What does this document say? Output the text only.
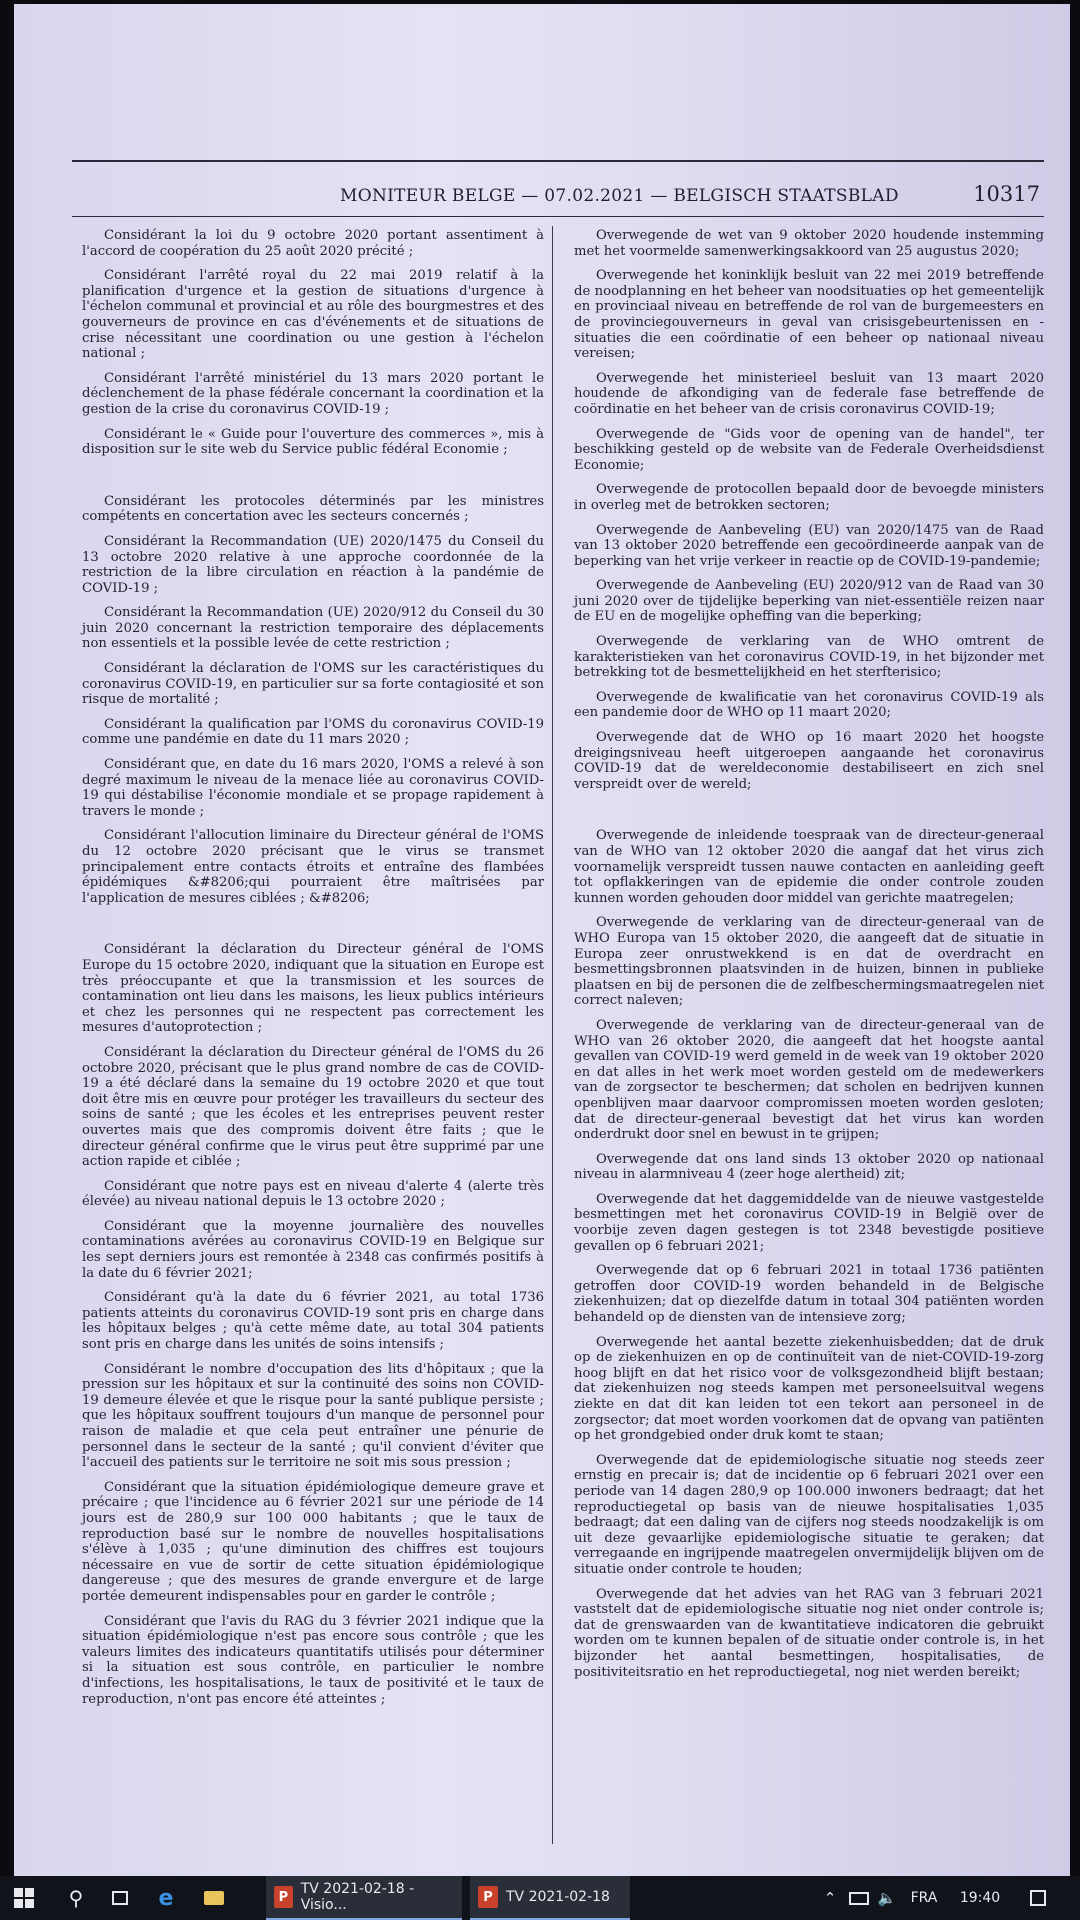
MONITEUR BELGE — 07.02.2021 — BELGISCH STAATSBLAD	10317

Considérant la loi du 9 octobre 2020 portant assentiment à l'accord de coopération du 25 août 2020 précité ;

Considérant l'arrêté royal du 22 mai 2019 relatif à la planification d'urgence et la gestion de situations d'urgence à l'échelon communal et provincial et au rôle des bourgmestres et des gouverneurs de province en cas d'événements et de situations de crise nécessitant une coordination ou une gestion à l'échelon national ;

Considérant l'arrêté ministériel du 13 mars 2020 portant le déclenchement de la phase fédérale concernant la coordination et la gestion de la crise du coronavirus COVID-19 ;

Considérant le « Guide pour l'ouverture des commerces », mis à disposition sur le site web du Service public fédéral Economie ;

Considérant les protocoles déterminés par les ministres compétents en concertation avec les secteurs concernés ;

Considérant la Recommandation (UE) 2020/1475 du Conseil du 13 octobre 2020 relative à une approche coordonnée de la restriction de la libre circulation en réaction à la pandémie de COVID-19 ;

Considérant la Recommandation (UE) 2020/912 du Conseil du 30 juin 2020 concernant la restriction temporaire des déplacements non essentiels et la possible levée de cette restriction ;

Considérant la déclaration de l'OMS sur les caractéristiques du coronavirus COVID-19, en particulier sur sa forte contagiosité et son risque de mortalité ;

Considérant la qualification par l'OMS du coronavirus COVID-19 comme une pandémie en date du 11 mars 2020 ;

Considérant que, en date du 16 mars 2020, l'OMS a relevé à son degré maximum le niveau de la menace liée au coronavirus COVID-19 qui déstabilise l'économie mondiale et se propage rapidement à travers le monde ;

Considérant l'allocution liminaire du Directeur général de l'OMS du 12 octobre 2020 précisant que le virus se transmet principalement entre contacts étroits et entraîne des flambées épidémiques &#8206;qui pourraient être maîtrisées par l'application de mesures ciblées ; &#8206;

Considérant la déclaration du Directeur général de l'OMS Europe du 15 octobre 2020, indiquant que la situation en Europe est très préoccupante et que la transmission et les sources de contamination ont lieu dans les maisons, les lieux publics intérieurs et chez les personnes qui ne respectent pas correctement les mesures d'autoprotection ;

Considérant la déclaration du Directeur général de l'OMS du 26 octobre 2020, précisant que le plus grand nombre de cas de COVID-19 a été déclaré dans la semaine du 19 octobre 2020 et que tout doit être mis en œuvre pour protéger les travailleurs du secteur des soins de santé ; que les écoles et les entreprises peuvent rester ouvertes mais que des compromis doivent être faits ; que le directeur général confirme que le virus peut être supprimé par une action rapide et ciblée ;

Considérant que notre pays est en niveau d'alerte 4 (alerte très élevée) au niveau national depuis le 13 octobre 2020 ;

Considérant que la moyenne journalière des nouvelles contaminations avérées au coronavirus COVID-19 en Belgique sur les sept derniers jours est remontée à 2348 cas confirmés positifs à la date du 6 février 2021;

Considérant qu'à la date du 6 février 2021, au total 1736 patients atteints du coronavirus COVID-19 sont pris en charge dans les hôpitaux belges ; qu'à cette même date, au total 304 patients sont pris en charge dans les unités de soins intensifs ;

Considérant le nombre d'occupation des lits d'hôpitaux ; que la pression sur les hôpitaux et sur la continuité des soins non COVID-19 demeure élevée et que le risque pour la santé publique persiste ; que les hôpitaux souffrent toujours d'un manque de personnel pour raison de maladie et que cela peut entraîner une pénurie de personnel dans le secteur de la santé ; qu'il convient d'éviter que l'accueil des patients sur le territoire ne soit mis sous pression ;

Considérant que la situation épidémiologique demeure grave et précaire ; que l'incidence au 6 février 2021 sur une période de 14 jours est de 280,9 sur 100 000 habitants ; que le taux de reproduction basé sur le nombre de nouvelles hospitalisations s'élève à 1,035 ; qu'une diminution des chiffres est toujours nécessaire en vue de sortir de cette situation épidémiologique dangereuse ; que des mesures de grande envergure et de large portée demeurent indispensables pour en garder le contrôle ;

Considérant que l'avis du RAG du 3 février 2021 indique que la situation épidémiologique n'est pas encore sous contrôle ; que les valeurs limites des indicateurs quantitatifs utilisés pour déterminer si la situation est sous contrôle, en particulier le nombre d'infections, les hospitalisations, le taux de positivité et le taux de reproduction, n'ont pas encore été atteintes ;

Overwegende de wet van 9 oktober 2020 houdende instemming met het voormelde samenwerkingsakkoord van 25 augustus 2020;

Overwegende het koninklijk besluit van 22 mei 2019 betreffende de noodplanning en het beheer van noodsituaties op het gemeentelijk en provinciaal niveau en betreffende de rol van de burgemeesters en de provinciegouverneurs in geval van crisisgebeurtenissen en -situaties die een coördinatie of een beheer op nationaal niveau vereisen;

Overwegende het ministerieel besluit van 13 maart 2020 houdende de afkondiging van de federale fase betreffende de coördinatie en het beheer van de crisis coronavirus COVID-19;

Overwegende de "Gids voor de opening van de handel", ter beschikking gesteld op de website van de Federale Overheidsdienst Economie;

Overwegende de protocollen bepaald door de bevoegde ministers in overleg met de betrokken sectoren;

Overwegende de Aanbeveling (EU) van 2020/1475 van de Raad van 13 oktober 2020 betreffende een gecoördineerde aanpak van de beperking van het vrije verkeer in reactie op de COVID-19-pandemie;

Overwegende de Aanbeveling (EU) 2020/912 van de Raad van 30 juni 2020 over de tijdelijke beperking van niet-essentiële reizen naar de EU en de mogelijke opheffing van die beperking;

Overwegende de verklaring van de WHO omtrent de karakteristieken van het coronavirus COVID-19, in het bijzonder met betrekking tot de besmettelijkheid en het sterfterisico;

Overwegende de kwalificatie van het coronavirus COVID-19 als een pandemie door de WHO op 11 maart 2020;

Overwegende dat de WHO op 16 maart 2020 het hoogste dreigingsniveau heeft uitgeroepen aangaande het coronavirus COVID-19 dat de wereldeconomie destabiliseert en zich snel verspreidt over de wereld;

Overwegende de inleidende toespraak van de directeur-generaal van de WHO van 12 oktober 2020 die aangaf dat het virus zich voornamelijk verspreidt tussen nauwe contacten en aanleiding geeft tot opflakkeringen van de epidemie die onder controle zouden kunnen worden gehouden door middel van gerichte maatregelen;

Overwegende de verklaring van de directeur-generaal van de WHO Europa van 15 oktober 2020, die aangeeft dat de situatie in Europa zeer onrustwekkend is en dat de overdracht en besmettingsbronnen plaatsvinden in de huizen, binnen in publieke plaatsen en bij de personen die de zelfbeschermingsmaatregelen niet correct naleven;

Overwegende de verklaring van de directeur-generaal van de WHO van 26 oktober 2020, die aangeeft dat het hoogste aantal gevallen van COVID-19 werd gemeld in de week van 19 oktober 2020 en dat alles in het werk moet worden gesteld om de medewerkers van de zorgsector te beschermen; dat scholen en bedrijven kunnen openblijven maar daarvoor compromissen moeten worden gesloten; dat de directeur-generaal bevestigt dat het virus kan worden onderdrukt door snel en bewust in te grijpen;

Overwegende dat ons land sinds 13 oktober 2020 op nationaal niveau in alarmniveau 4 (zeer hoge alertheid) zit;

Overwegende dat het daggemiddelde van de nieuwe vastgestelde besmettingen met het coronavirus COVID-19 in België over de voorbije zeven dagen gestegen is tot 2348 bevestigde positieve gevallen op 6 februari 2021;

Overwegende dat op 6 februari 2021 in totaal 1736 patiënten getroffen door COVID-19 worden behandeld in de Belgische ziekenhuizen; dat op diezelfde datum in totaal 304 patiënten worden behandeld op de diensten van de intensieve zorg;

Overwegende het aantal bezette ziekenhuisbedden; dat de druk op de ziekenhuizen en op de continuïteit van de niet-COVID-19-zorg hoog blijft en dat het risico voor de volksgezondheid blijft bestaan; dat ziekenhuizen nog steeds kampen met personeelsuitval wegens ziekte en dat dit kan leiden tot een tekort aan personeel in de zorgsector; dat moet worden voorkomen dat de opvang van patiënten op het grondgebied onder druk komt te staan;

Overwegende dat de epidemiologische situatie nog steeds zeer ernstig en precair is; dat de incidentie op 6 februari 2021 over een periode van 14 dagen 280,9 op 100.000 inwoners bedraagt; dat het reproductiegetal op basis van de nieuwe hospitalisaties 1,035 bedraagt; dat een daling van de cijfers nog steeds noodzakelijk is om uit deze gevaarlijke epidemiologische situatie te geraken; dat verregaande en ingrijpende maatregelen onvermijdelijk blijven om de situatie onder controle te houden;

Overwegende dat het advies van het RAG van 3 februari 2021 vaststelt dat de epidemiologische situatie nog niet onder controle is; dat de grenswaarden van de kwantitatieve indicatoren die gebruikt worden om te kunnen bepalen of de situatie onder controle is, in het bijzonder het aantal besmettingen, hospitalisaties, de positiviteitsratio en het reproductiegetal, nog niet werden bereikt;

⚲	e	P TV 2021-02-18 - Visio...	P TV 2021-02-18	⌃	🔈	FRA	19:40
